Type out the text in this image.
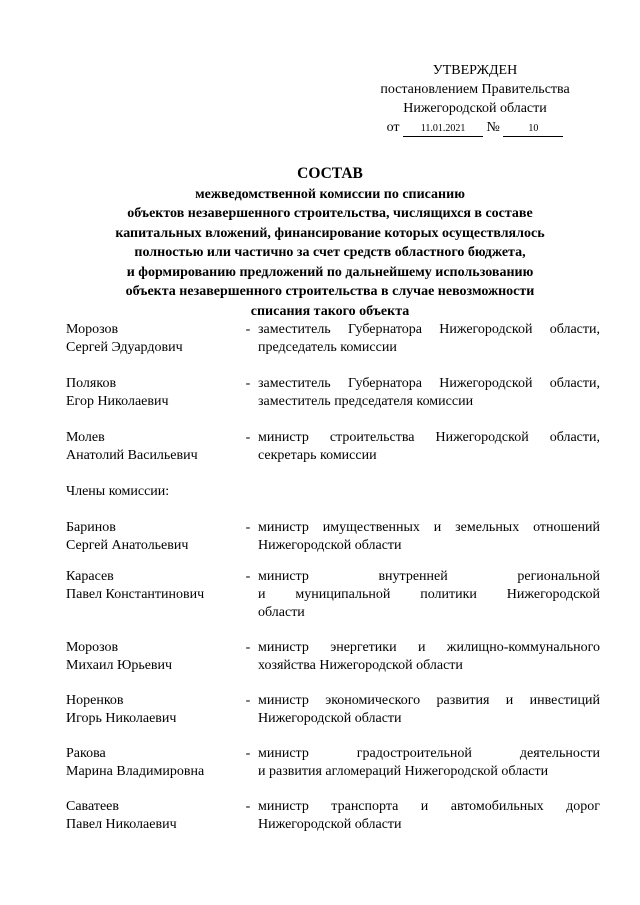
УТВЕРЖДЕН
постановлением Правительства
Нижегородской области
от 11.01.2021 №	10
СОСТАВ
межведомственной комиссии по списанию
объектов незавершенного строительства, числящихся в составе
капитальных вложений, финансирование которых осуществлялось
полностью или частично за счет средств областного бюджета,
и формированию предложений по дальнейшему использованию
объекта незавершенного строительства в случае невозможности
списания такого объекта
Морозов
Сергей Эдуардович
- заместитель Губернатора Нижегородской области,
председатель комиссии
Поляков
Егор Николаевич
- заместитель Губернатора Нижегородской области,
заместитель председателя комиссии
Молев
Анатолий Васильевич
- министр строительства Нижегородской области,
секретарь комиссии
Члены комиссии:
Баринов
Сергей Анатольевич
- министр имущественных и земельных отношений
Нижегородской области
Карасев
Павел Константинович
- министр внутренней региональной
и муниципальной политики Нижегородской
области
Морозов
Михаил Юрьевич
- министр энергетики и жилищно-коммунального
хозяйства Нижегородской области
Норенков
Игорь Николаевич
- министр экономического развития и инвестиций
Нижегородской области
Ракова
Марина Владимировна
- министр градостроительной деятельности
и развития агломераций Нижегородской области
Саватеев
Павел Николаевич
- министр транспорта и автомобильных дорог
Нижегородской области
